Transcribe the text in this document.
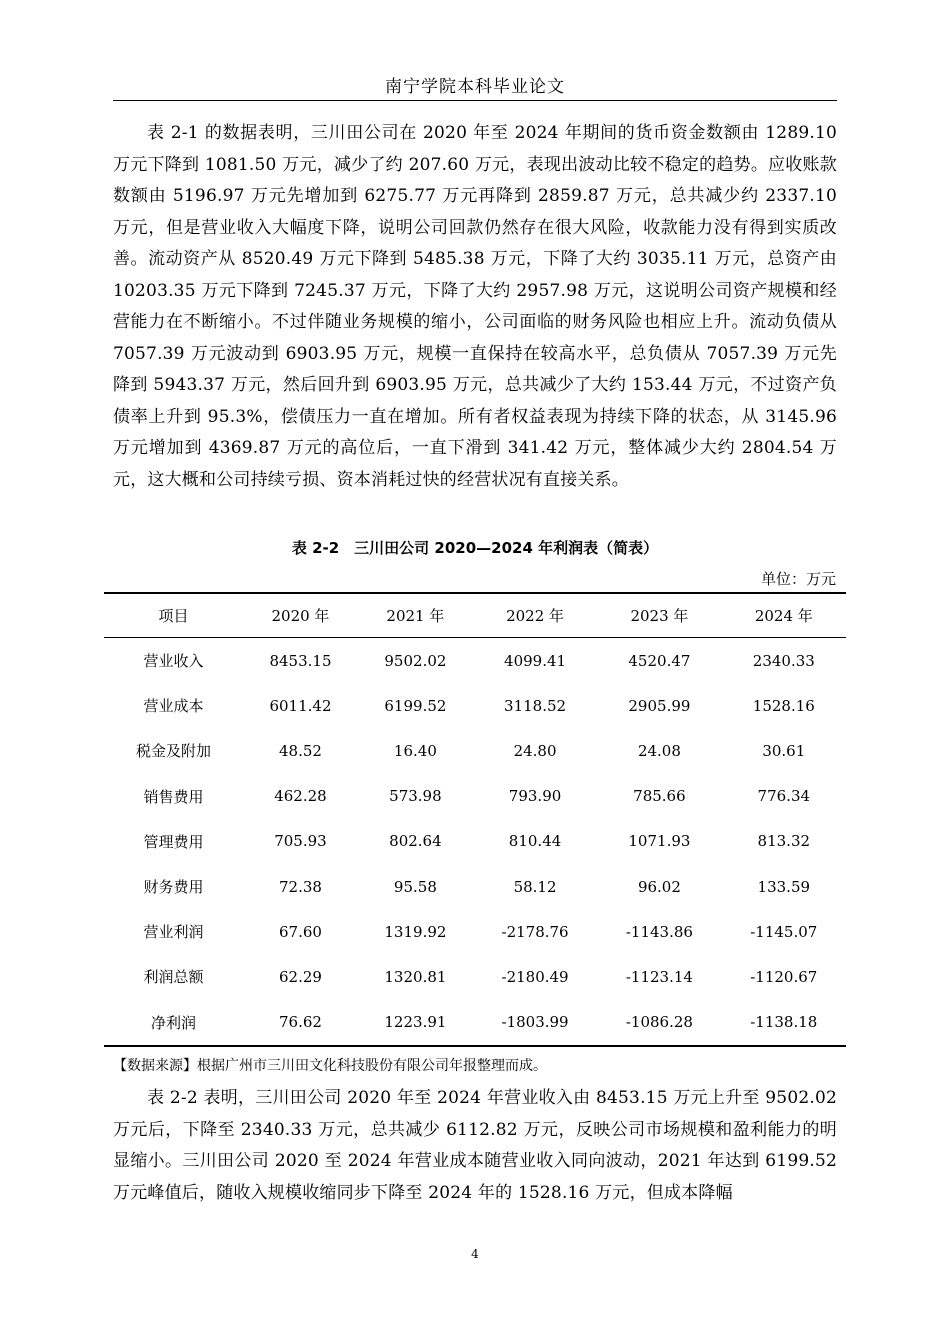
南宁学院本科毕业论文

表 2-1 的数据表明，三川田公司在 2020 年至 2024 年期间的货币资金数额由 1289.10 万元下降到 1081.50 万元，减少了约 207.60 万元，表现出波动比较不稳定的趋势。应收账款数额由 5196.97 万元先增加到 6275.77 万元再降到 2859.87 万元，总共减少约 2337.10 万元，但是营业收入大幅度下降，说明公司回款仍然存在很大风险，收款能力没有得到实质改善。流动资产从 8520.49 万元下降到 5485.38 万元，下降了大约 3035.11 万元，总资产由 10203.35 万元下降到 7245.37 万元，下降了大约 2957.98 万元，这说明公司资产规模和经营能力在不断缩小。不过伴随业务规模的缩小，公司面临的财务风险也相应上升。流动负债从 7057.39 万元波动到 6903.95 万元，规模一直保持在较高水平，总负债从 7057.39 万元先降到 5943.37 万元，然后回升到 6903.95 万元，总共减少了大约 153.44 万元，不过资产负债率上升到 95.3%，偿债压力一直在增加。所有者权益表现为持续下降的状态，从 3145.96 万元增加到 4369.87 万元的高位后，一直下滑到 341.42 万元，整体减少大约 2804.54 万元，这大概和公司持续亏损、资本消耗过快的经营状况有直接关系。

表 2-2　三川田公司 2020—2024 年利润表（简表）
单位：万元
项目	2020 年	2021 年	2022 年	2023 年	2024 年
营业收入	8453.15	9502.02	4099.41	4520.47	2340.33
营业成本	6011.42	6199.52	3118.52	2905.99	1528.16
税金及附加	48.52	16.40	24.80	24.08	30.61
销售费用	462.28	573.98	793.90	785.66	776.34
管理费用	705.93	802.64	810.44	1071.93	813.32
财务费用	72.38	95.58	58.12	96.02	133.59
营业利润	67.60	1319.92	-2178.76	-1143.86	-1145.07
利润总额	62.29	1320.81	-2180.49	-1123.14	-1120.67
净利润	76.62	1223.91	-1803.99	-1086.28	-1138.18
【数据来源】根据广州市三川田文化科技股份有限公司年报整理而成。

表 2-2 表明，三川田公司 2020 年至 2024 年营业收入由 8453.15 万元上升至 9502.02 万元后，下降至 2340.33 万元，总共减少 6112.82 万元，反映公司市场规模和盈利能力的明显缩小。三川田公司 2020 至 2024 年营业成本随营业收入同向波动，2021 年达到 6199.52 万元峰值后，随收入规模收缩同步下降至 2024 年的 1528.16 万元，但成本降幅

4
